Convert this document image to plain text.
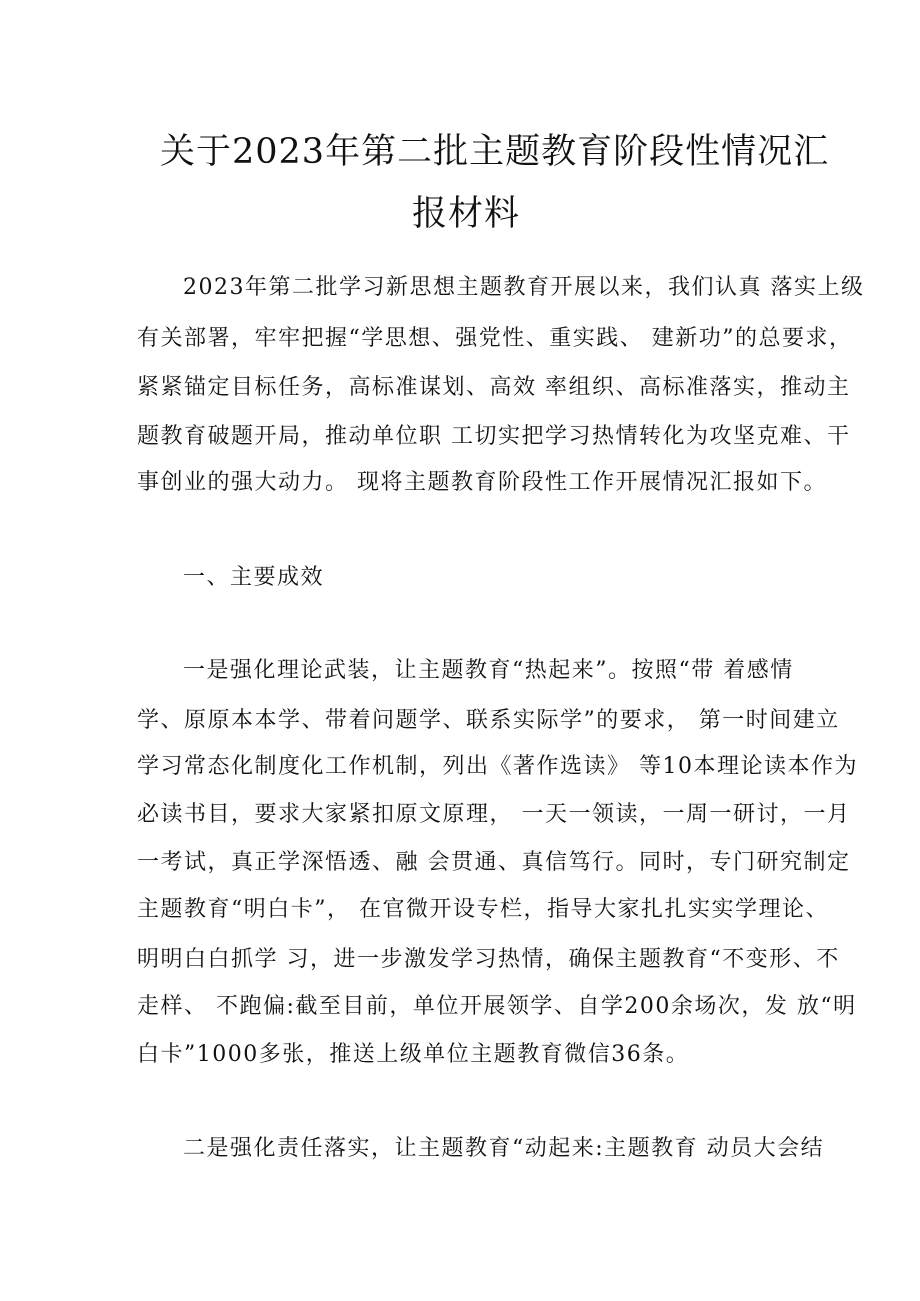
关于2023年第二批主题教育阶段性情况汇
报材料
2023年第二批学习新思想主题教育开展以来，我们认真 落实上级
有关部署，牢牢把握“学思想、强党性、重实践、 建新功”的总要求，
紧紧锚定目标任务，高标准谋划、高效 率组织、高标准落实，推动主
题教育破题开局，推动单位职 工切实把学习热情转化为攻坚克难、干
事创业的强大动力。 现将主题教育阶段性工作开展情况汇报如下。
一、主要成效
一是强化理论武装，让主题教育“热起来”。按照“带 着感情
学、原原本本学、带着问题学、联系实际学”的要求， 第一时间建立
学习常态化制度化工作机制，列出《著作选读》 等10本理论读本作为
必读书目，要求大家紧扣原文原理， 一天一领读，一周一研讨，一月
一考试，真正学深悟透、融 会贯通、真信笃行。同时，专门研究制定
主题教育“明白卡”， 在官微开设专栏，指导大家扎扎实实学理论、
明明白白抓学 习，进一步激发学习热情，确保主题教育“不变形、不
走样、 不跑偏:截至目前，单位开展领学、自学200余场次，发 放“明
白卡”1000多张，推送上级单位主题教育微信36条。
二是强化责任落实，让主题教育“动起来:主题教育 动员大会结
